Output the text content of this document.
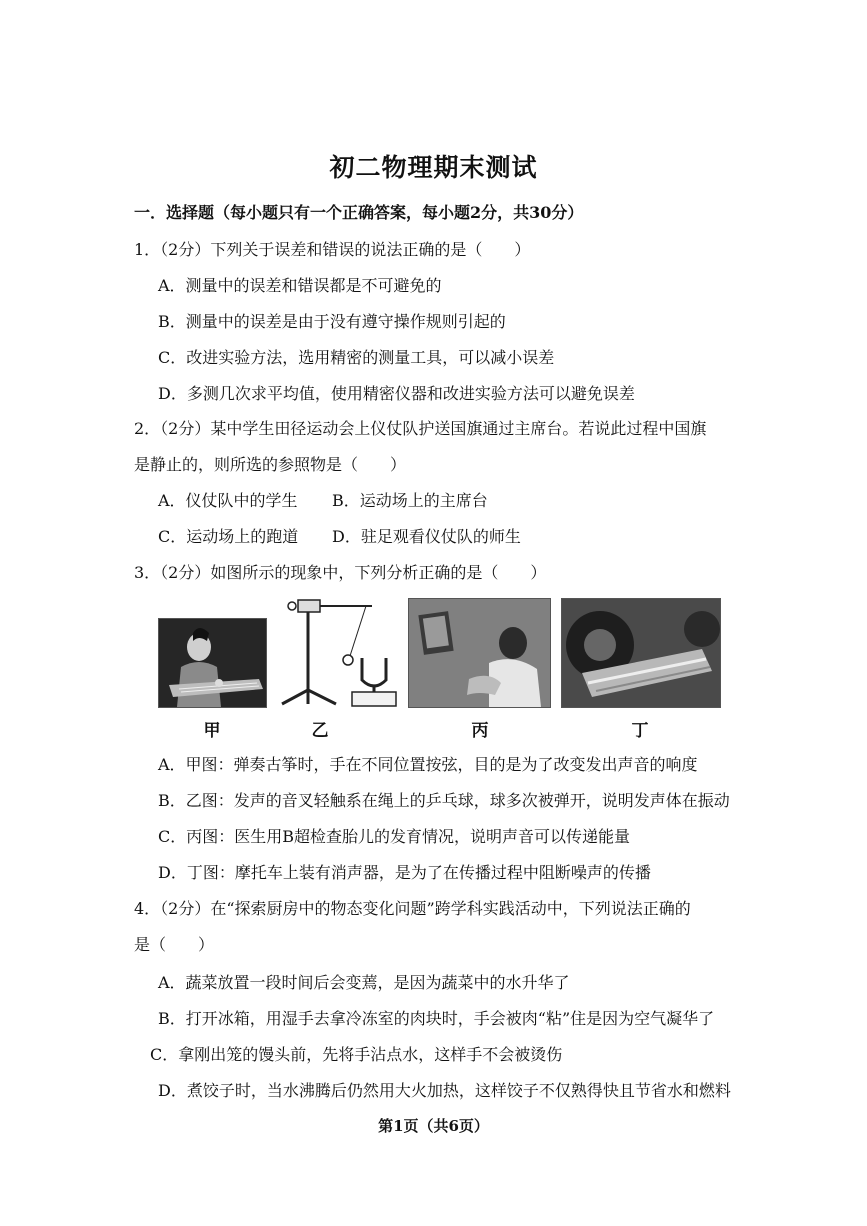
初二物理期末测试
一．选择题（每小题只有一个正确答案，每小题2分，共30分）
1．（2分）下列关于误差和错误的说法正确的是（　　）
A．测量中的误差和错误都是不可避免的
B．测量中的误差是由于没有遵守操作规则引起的
C．改进实验方法，选用精密的测量工具，可以减小误差
D．多测几次求平均值，使用精密仪器和改进实验方法可以避免误差
2．（2分）某中学生田径运动会上仪仗队护送国旗通过主席台。若说此过程中国旗
是静止的，则所选的参照物是（　　）
A．仪仗队中的学生 B．运动场上的主席台
C．运动场上的跑道 D．驻足观看仪仗队的师生
3．（2分）如图所示的现象中，下列分析正确的是（　　）
甲	乙	丙	丁
A．甲图：弹奏古筝时，手在不同位置按弦，目的是为了改变发出声音的响度
B．乙图：发声的音叉轻触系在绳上的乒乓球，球多次被弹开，说明发声体在振动
C．丙图：医生用B超检查胎儿的发育情况，说明声音可以传递能量
D．丁图：摩托车上装有消声器，是为了在传播过程中阻断噪声的传播
4．（2分）在“探索厨房中的物态变化问题”跨学科实践活动中，下列说法正确的
是（　　）
A．蔬菜放置一段时间后会变蔫，是因为蔬菜中的水升华了
B．打开冰箱，用湿手去拿冷冻室的肉块时，手会被肉“粘”住是因为空气凝华了
C．拿刚出笼的馒头前，先将手沾点水，这样手不会被烫伤
D．煮饺子时，当水沸腾后仍然用大火加热，这样饺子不仅熟得快且节省水和燃料
第1页（共6页）
